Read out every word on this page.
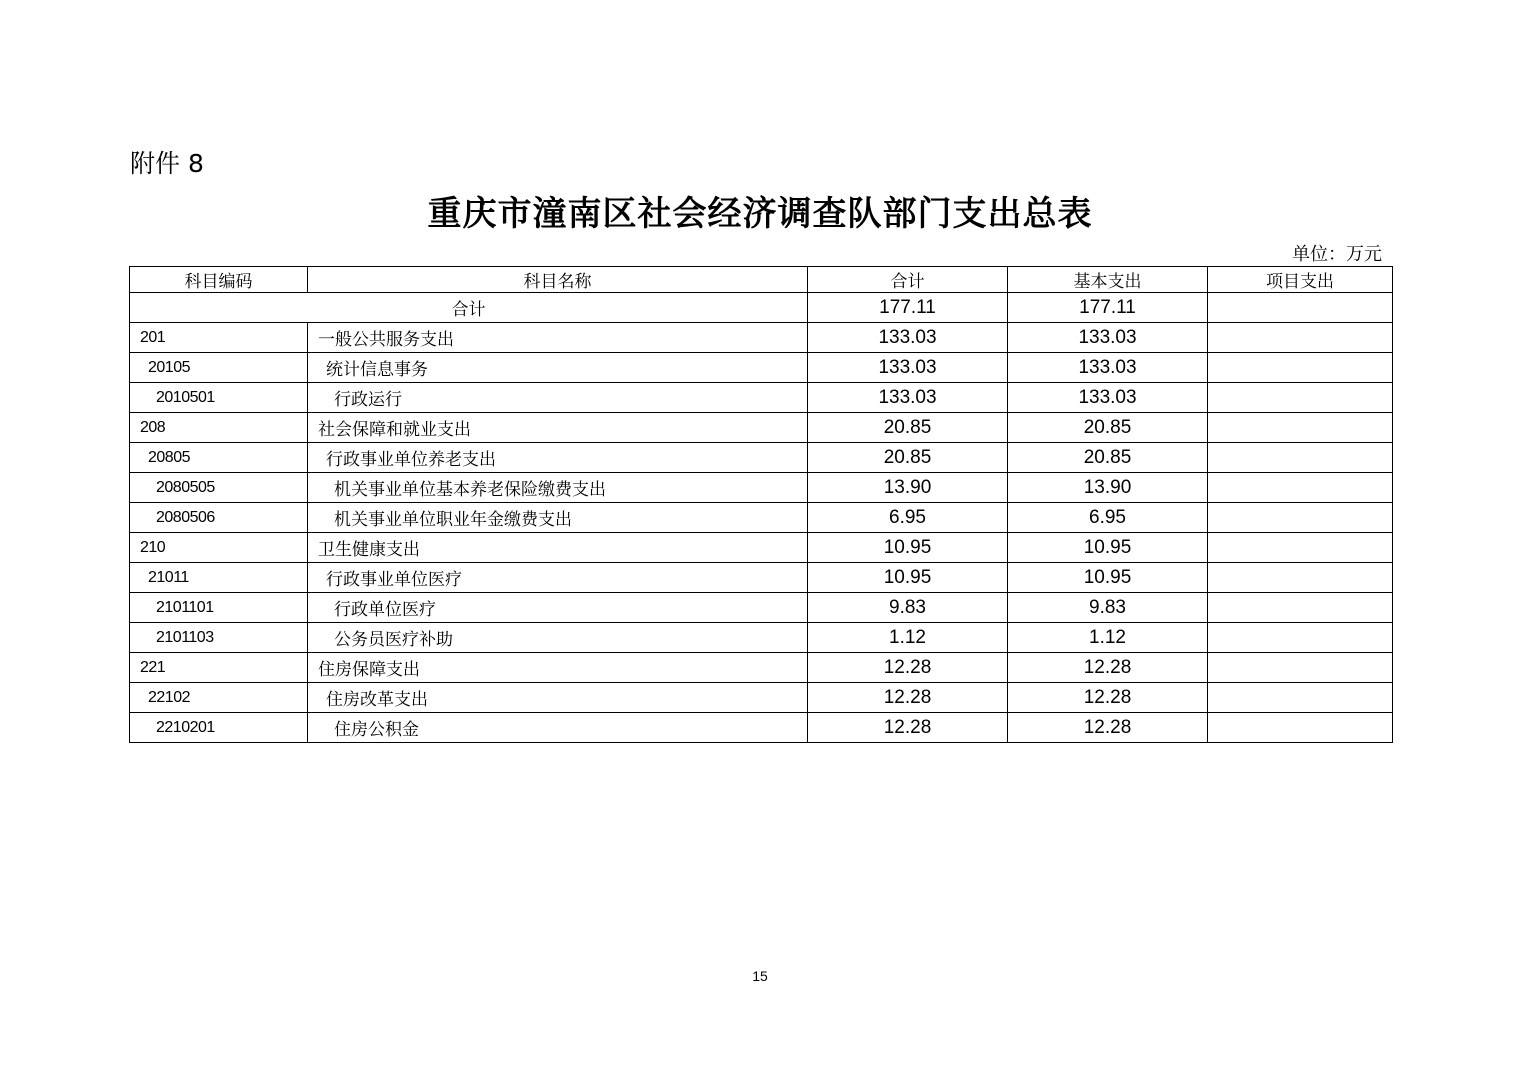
附件 8
重庆市潼南区社会经济调查队部门支出总表
单位：万元
科目编码	科目名称	合计	基本支出	项目支出
合计		177.11	177.11	
201	一般公共服务支出	133.03	133.03	
20105	统计信息事务	133.03	133.03	
2010501	行政运行	133.03	133.03	
208	社会保障和就业支出	20.85	20.85	
20805	行政事业单位养老支出	20.85	20.85	
2080505	机关事业单位基本养老保险缴费支出	13.90	13.90	
2080506	机关事业单位职业年金缴费支出	6.95	6.95	
210	卫生健康支出	10.95	10.95	
21011	行政事业单位医疗	10.95	10.95	
2101101	行政单位医疗	9.83	9.83	
2101103	公务员医疗补助	1.12	1.12	
221	住房保障支出	12.28	12.28	
22102	住房改革支出	12.28	12.28	
2210201	住房公积金	12.28	12.28	
15
